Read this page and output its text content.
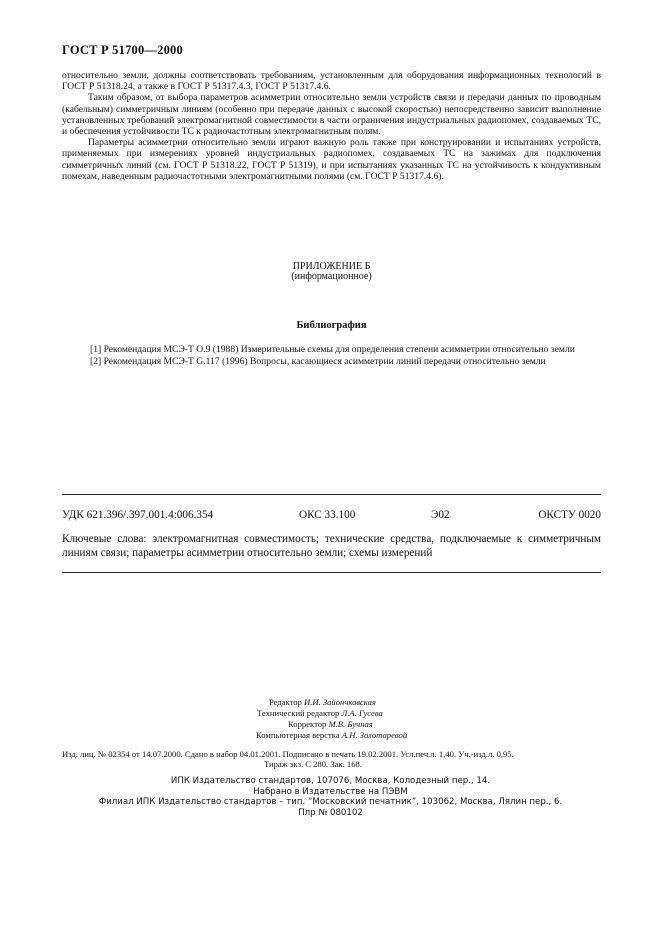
ГОСТ Р 51700—2000

относительно земли, должны соответствовать требованиям, установленным для оборудования информационных технологий в ГОСТ Р 51318.24, а также в ГОСТ Р 51317.4.3, ГОСТ Р 51317.4.6.

Таким образом, от выбора параметров асимметрии относительно земли устройств связи и передачи данных по проводным (кабельным) симметричным линиям (особенно при передаче данных с высокой скоростью) непосредственно зависит выполнение установленных требований электромагнитной совместимости в части ограничения индустриальных радиопомех, создаваемых ТС, и обеспечения устойчивости ТС к радиочастотным электромагнитным полям.

Параметры асимметрии относительно земли играют важную роль также при конструировании и испытаниях устройств, применяемых при измерениях уровней индустриальных радиопомех, создаваемых ТС на зажимах для подключения симметричных линий (см. ГОСТ Р 51318.22, ГОСТ Р 51319), и при испытаниях указанных ТС на устойчивость к кондуктивным помехам, наведенным радиочастотными электромагнитными полями (см. ГОСТ Р 51317.4.6).

ПРИЛОЖЕНИЕ Б
(информационное)
Библиография

[1] Рекомендация МСЭ-Т О.9 (1988) Измерительные схемы для определения степени асимметрии относительно земли

[2] Рекомендация МСЭ-Т G.117 (1996) Вопросы, касающиеся асимметрии линий передачи относительно земли

УДК 621.396/.397.001.4:006.354	ОКС 33.100	Э02	ОКСТУ 0020
Ключевые слова: электромагнитная совместимость; технические средства, подключаемые к симметричным линиям связи; параметры асимметрии относительно земли; схемы измерений
Редактор И.И. Зайончковская
Технический редактор Л.А. Гусева
Корректор М.В. Бучная
Компьютерная верстка А.Н. Золотаревой
Изд. лиц. № 02354 от 14.07.2000. Сдано в набор 04.01.2001. Подписано в печать 19.02.2001. Усл.печ.л. 1,40. Уч.-изд.л. 0,95.
Тираж экз. С 280. Зак. 168.
ИПК Издательство стандартов, 107076, Москва, Колодезный пер., 14.
Набрано в Издательстве на ПЭВМ
Филиал ИПК Издательство стандартов – тип. “Московский печатник”, 103062, Москва, Лялин пер., 6.
Плр № 080102
